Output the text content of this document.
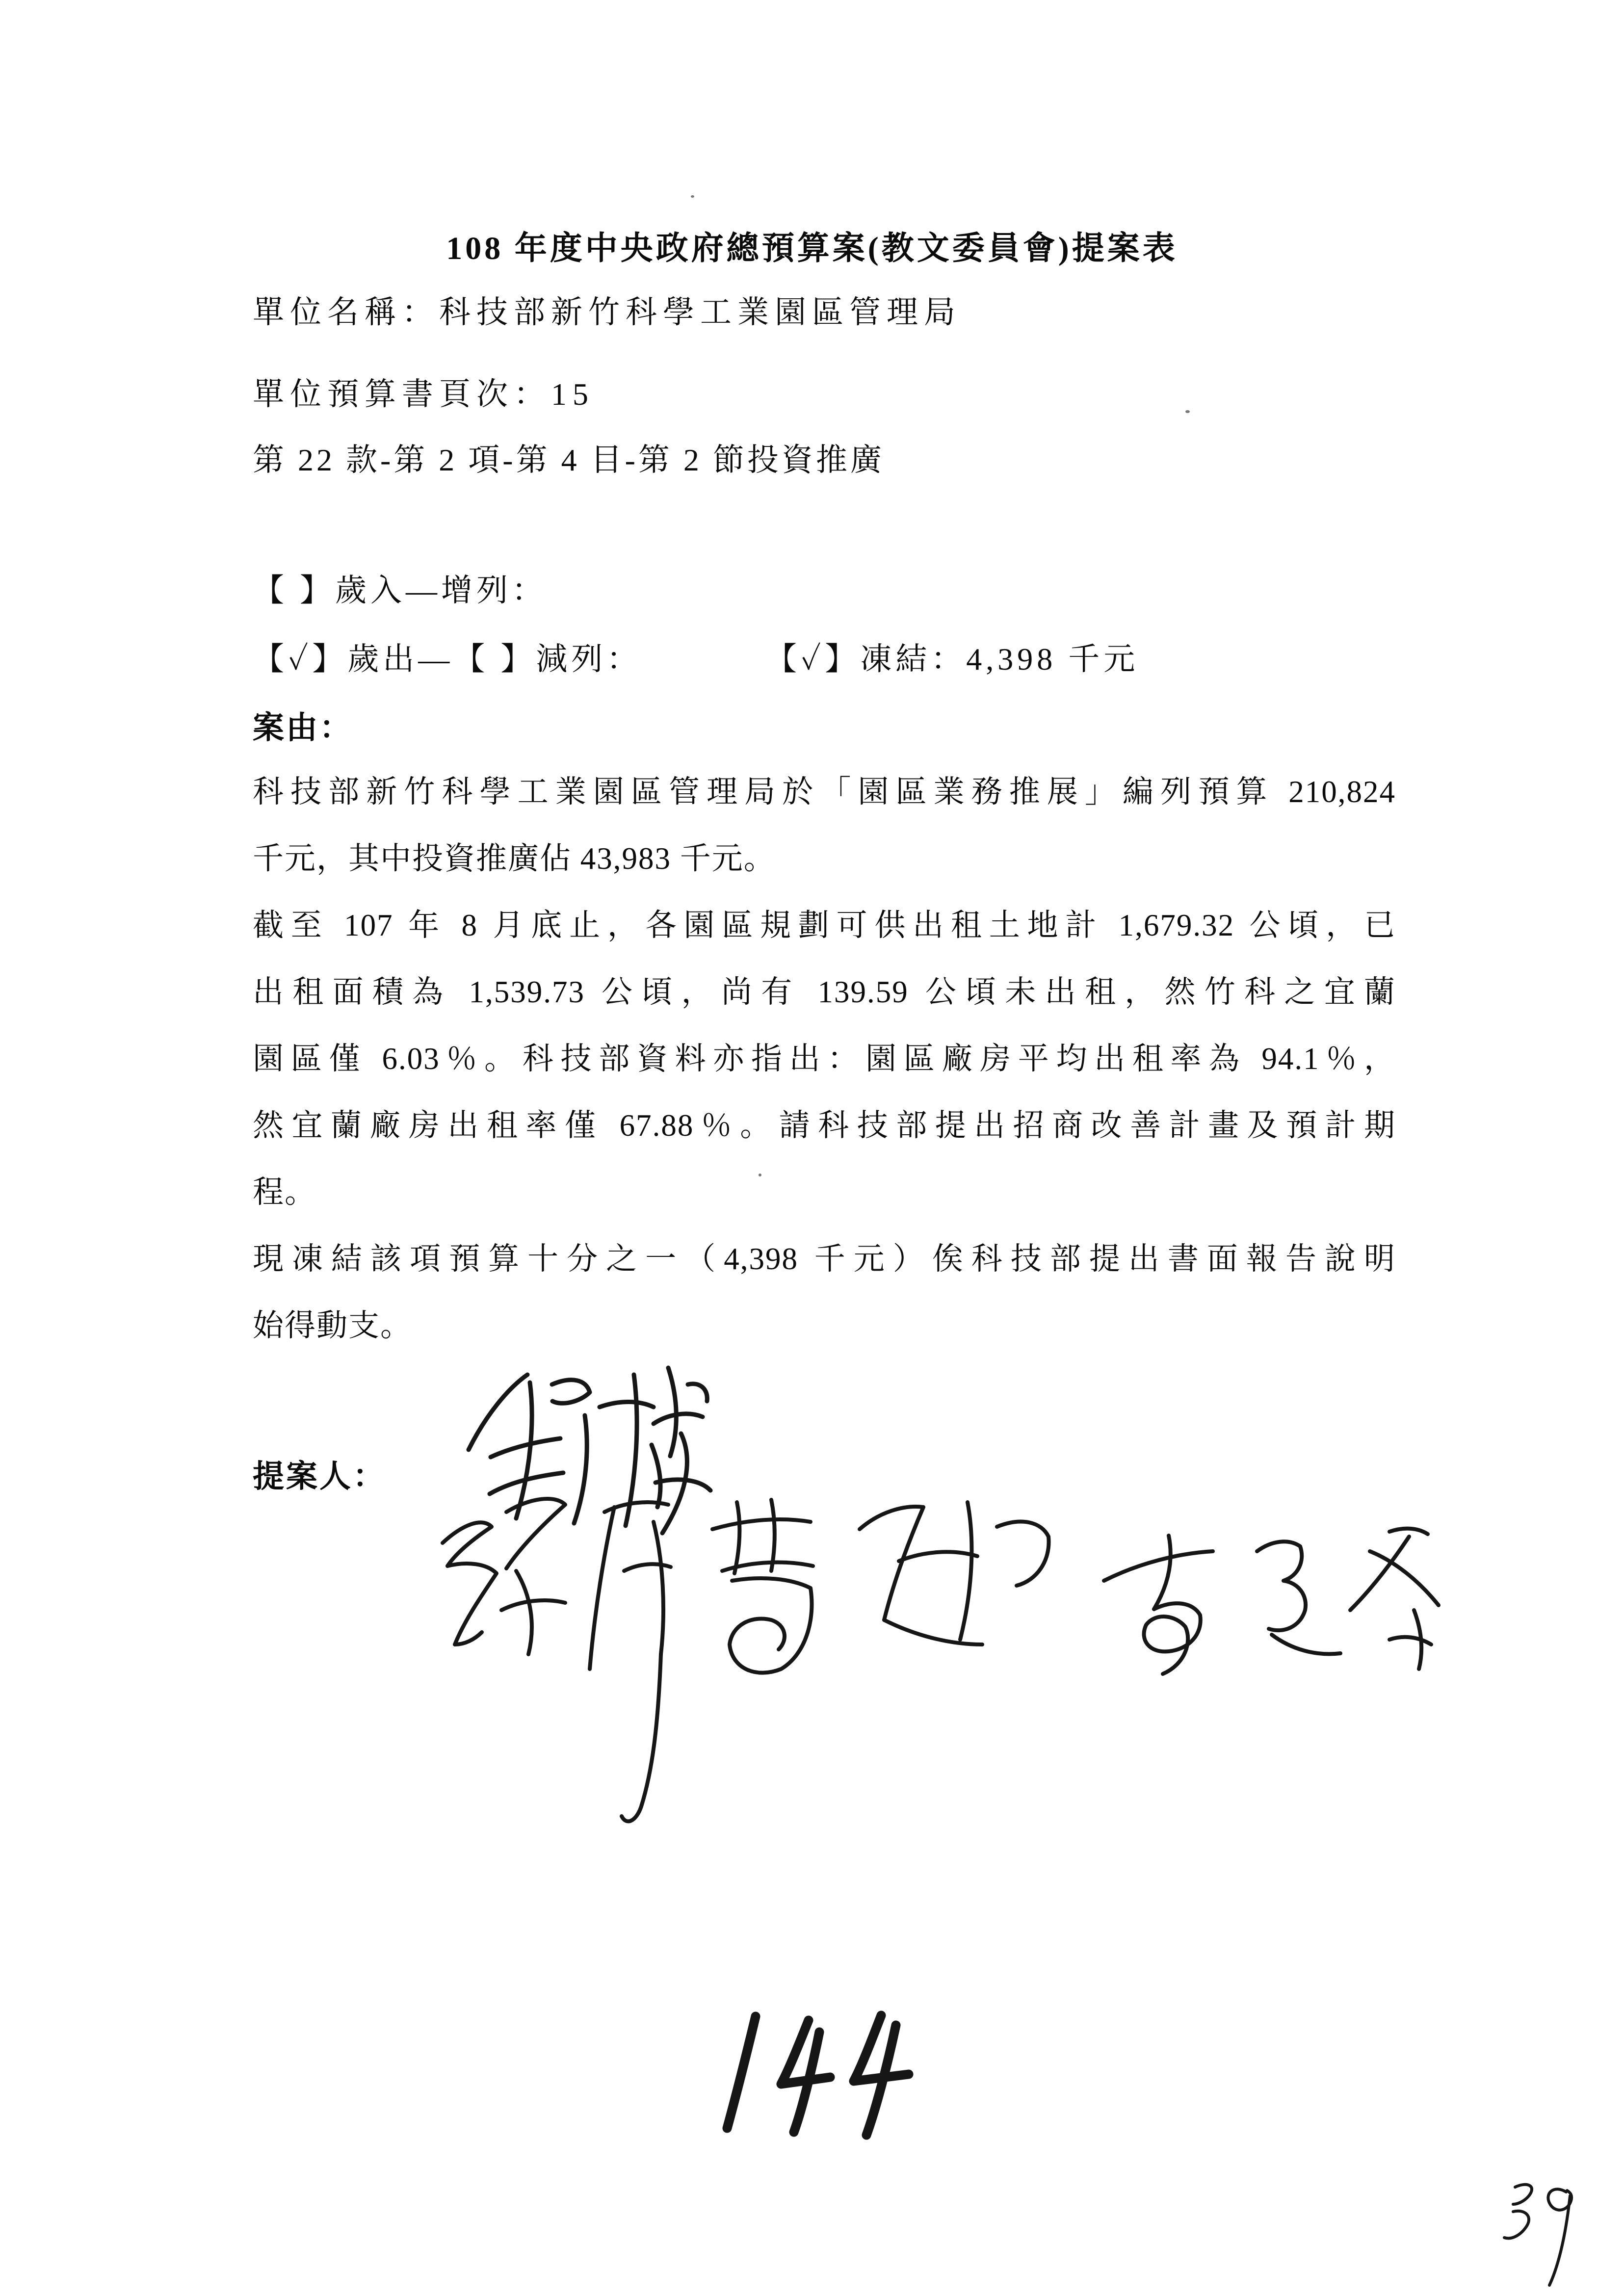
108 年度中央政府總預算案(教文委員會)提案表
單位名稱：科技部新竹科學工業園區管理局
單位預算書頁次：15
第 22 款-第 2 項-第 4 目-第 2 節投資推廣
【 】歲入—增列：
【✓】歲出—【 】減列：	【✓】凍結：4,398 千元
案由：
科技部新竹科學工業園區管理局於「園區業務推展」編列預算 210,824
千元，其中投資推廣佔 43,983 千元。
截至 107 年 8 月底止，各園區規劃可供出租土地計 1,679.32 公頃，已
出租面積為 1,539.73 公頃，尚有 139.59 公頃未出租，然竹科之宜蘭
園區僅 6.03％。科技部資料亦指出：園區廠房平均出租率為 94.1％，
然宜蘭廠房出租率僅 67.88％。請科技部提出招商改善計畫及預計期
程。
現凍結該項預算十分之一（4,398 千元）俟科技部提出書面報告說明
始得動支。
提案人：
